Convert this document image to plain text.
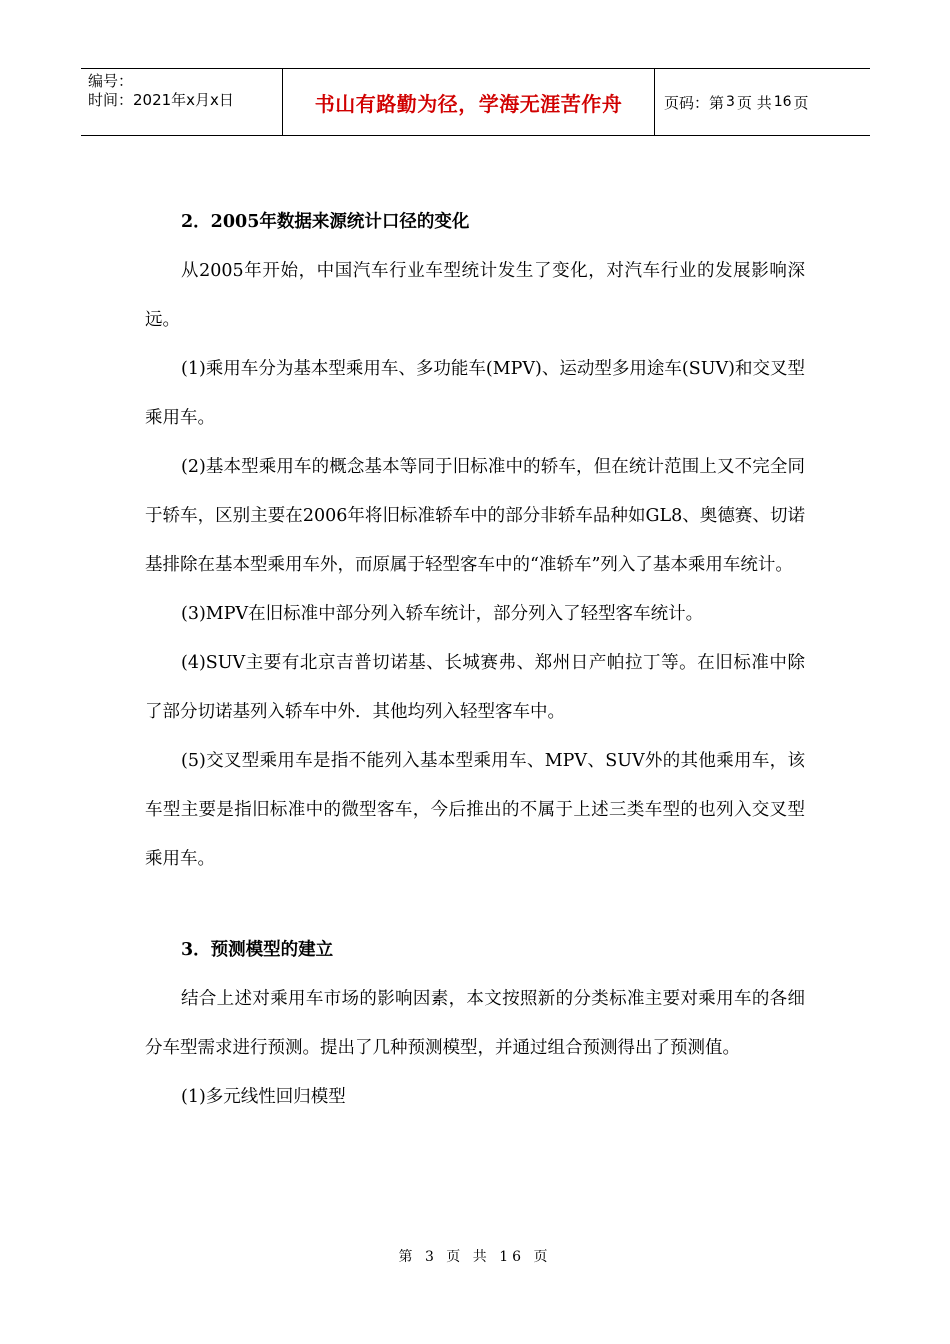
编号：
时间：2021年x月x日	书山有路勤为径，学海无涯苦作舟	页码：第 3 页 共 16 页
2．2005年数据来源统计口径的变化

从2005年开始，中国汽车行业车型统计发生了变化，对汽车行业的发展影响深远。

(1)乘用车分为基本型乘用车、多功能车(MPV)、运动型多用途车(SUV)和交叉型乘用车。

(2)基本型乘用车的概念基本等同于旧标准中的轿车，但在统计范围上又不完全同于轿车，区别主要在2006年将旧标准轿车中的部分非轿车品种如GL8、奥德赛、切诺基排除在基本型乘用车外，而原属于轻型客车中的“准轿车”列入了基本乘用车统计。

(3)MPV在旧标准中部分列入轿车统计，部分列入了轻型客车统计。

(4)SUV主要有北京吉普切诺基、长城赛弗、郑州日产帕拉丁等。在旧标准中除了部分切诺基列入轿车中外．其他均列入轻型客车中。

(5)交叉型乘用车是指不能列入基本型乘用车、MPV、SUV外的其他乘用车，该车型主要是指旧标准中的微型客车，今后推出的不属于上述三类车型的也列入交叉型乘用车。

3．预测模型的建立

结合上述对乘用车市场的影响因素，本文按照新的分类标准主要对乘用车的各细分车型需求进行预测。提出了几种预测模型，并通过组合预测得出了预测值。

(1)多元线性回归模型

第 3 页 共 16 页
